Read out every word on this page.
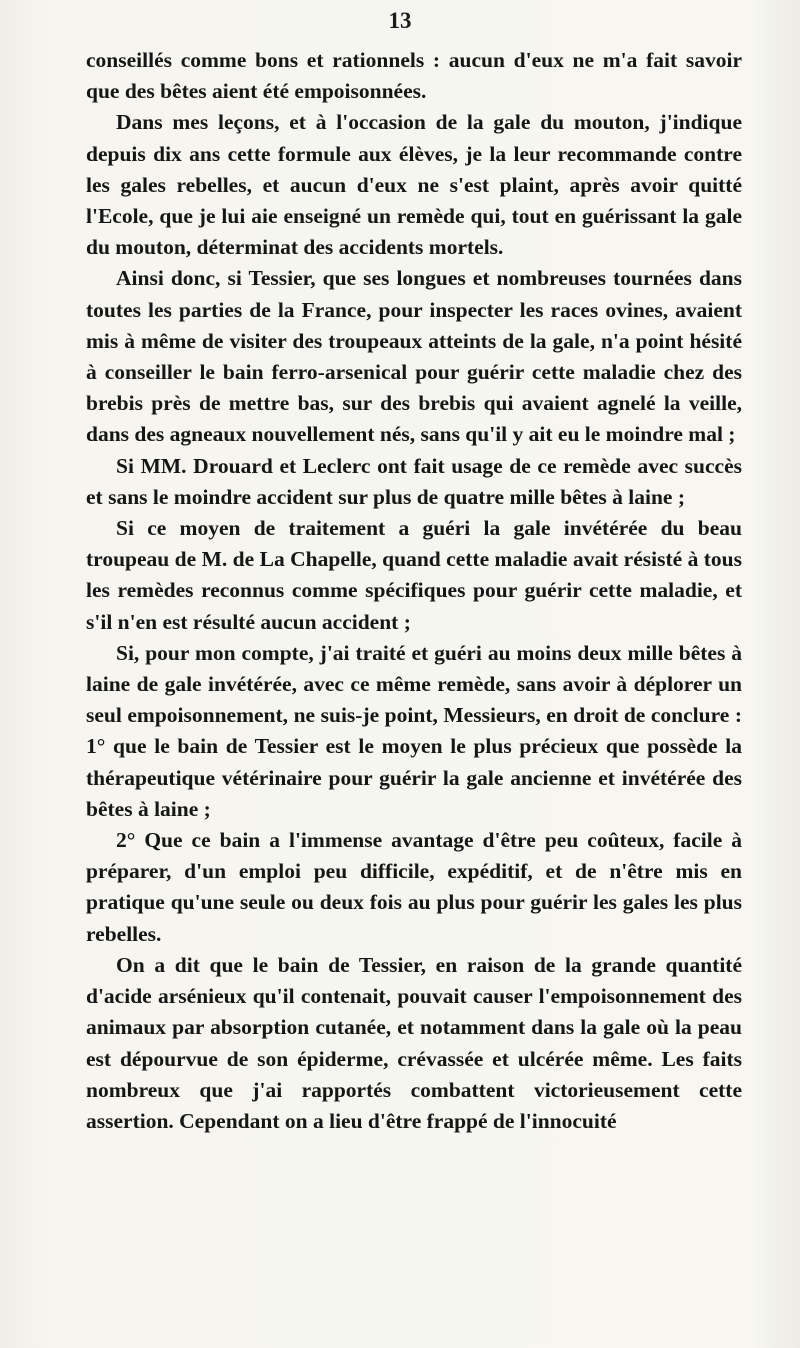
13

conseillés comme bons et rationnels : aucun d'eux ne m'a fait savoir que des bêtes aient été empoisonnées.

Dans mes leçons, et à l'occasion de la gale du mouton, j'indique depuis dix ans cette formule aux élèves, je la leur recommande contre les gales rebelles, et aucun d'eux ne s'est plaint, après avoir quitté l'Ecole, que je lui aie enseigné un remède qui, tout en guérissant la gale du mouton, déterminat des accidents mortels.

Ainsi donc, si Tessier, que ses longues et nombreuses tournées dans toutes les parties de la France, pour inspecter les races ovines, avaient mis à même de visiter des troupeaux atteints de la gale, n'a point hésité à conseiller le bain ferro-arsenical pour guérir cette maladie chez des brebis près de mettre bas, sur des brebis qui avaient agnelé la veille, dans des agneaux nouvellement nés, sans qu'il y ait eu le moindre mal ;

Si MM. Drouard et Leclerc ont fait usage de ce remède avec succès et sans le moindre accident sur plus de quatre mille bêtes à laine ;

Si ce moyen de traitement a guéri la gale invétérée du beau troupeau de M. de La Chapelle, quand cette maladie avait résisté à tous les remèdes reconnus comme spécifiques pour guérir cette maladie, et s'il n'en est résulté aucun accident ;

Si, pour mon compte, j'ai traité et guéri au moins deux mille bêtes à laine de gale invétérée, avec ce même remède, sans avoir à déplorer un seul empoisonnement, ne suis-je point, Messieurs, en droit de conclure : 1° que le bain de Tessier est le moyen le plus précieux que possède la thérapeutique vétérinaire pour guérir la gale ancienne et invétérée des bêtes à laine ;

2° Que ce bain a l'immense avantage d'être peu coûteux, facile à préparer, d'un emploi peu difficile, expéditif, et de n'être mis en pratique qu'une seule ou deux fois au plus pour guérir les gales les plus rebelles.

On a dit que le bain de Tessier, en raison de la grande quantité d'acide arsénieux qu'il contenait, pouvait causer l'empoisonnement des animaux par absorption cutanée, et notamment dans la gale où la peau est dépourvue de son épiderme, crévassée et ulcérée même. Les faits nombreux que j'ai rapportés combattent victorieusement cette assertion. Cependant on a lieu d'être frappé de l'innocuité
